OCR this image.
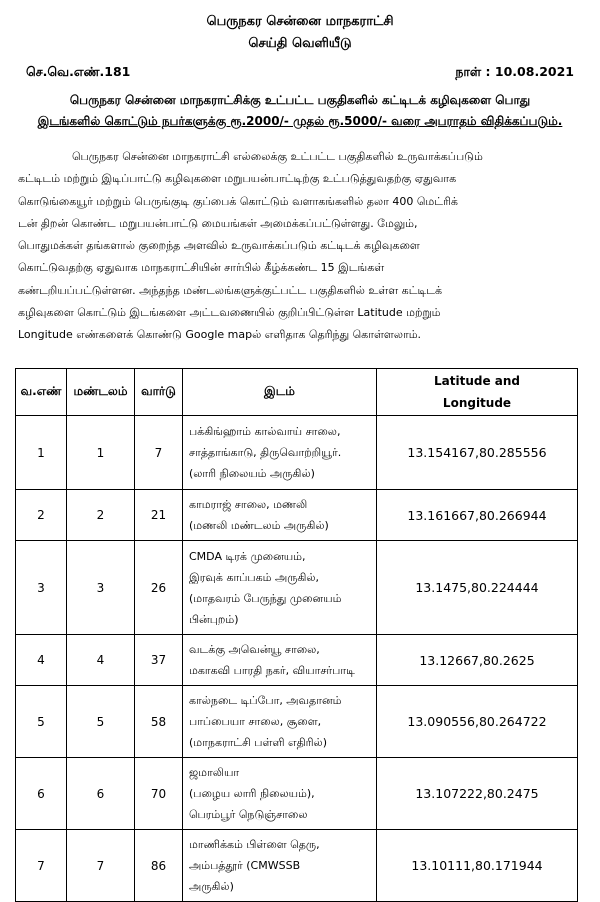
பெருநகர சென்னை மாநகராட்சி
செய்தி வெளியீடு
செ.வெ.எண்.181	நாள் : 10.08.2021
பெருநகர சென்னை மாநகராட்சிக்கு உட்பட்ட பகுதிகளில் கட்டிடக் கழிவுகளை பொது
இடங்களில் கொட்டும் நபர்களுக்கு ரூ.2000/- முதல் ரூ.5000/- வரை அபராதம் விதிக்கப்படும்.
பெருநகர சென்னை மாநகராட்சி எல்லைக்கு உட்பட்ட பகுதிகளில் உருவாக்கப்படும்
கட்டிடம் மற்றும் இடிப்பாட்டு கழிவுகளை மறுபயன்பாட்டிற்கு உட்படுத்துவதற்கு ஏதுவாக
கொடுங்கையூர் மற்றும் பெருங்குடி குப்பைக் கொட்டும் வளாகங்களில் தலா 400 மெட்ரிக்
டன் திறன் கொண்ட மறுபயன்பாட்டு மையங்கள் அமைக்கப்பட்டுள்ளது. மேலும்,
பொதுமக்கள் தங்களால் குறைந்த அளவில் உருவாக்கப்படும் கட்டிடக் கழிவுகளை
கொட்டுவதற்கு ஏதுவாக மாநகராட்சியின் சார்பில் கீழ்க்கண்ட 15 இடங்கள்
கண்டறியப்பட்டுள்ளன. அந்தந்த மண்டலங்களுக்குட்பட்ட பகுதிகளில் உள்ள கட்டிடக்
கழிவுகளை கொட்டும் இடங்களை அட்டவணையில் குறிப்பிட்டுள்ள Latitude மற்றும்
Longitude எண்களைக் கொண்டு Google mapல் எளிதாக தெரிந்து கொள்ளலாம்.
வ.எண்	மண்டலம்	வார்டு	இடம்	Latitude and
Longitude

1	1	7	பக்கிங்ஹாம் கால்வாய் சாலை,
சாத்தாங்காடு, திருவொற்றியூர்.
(லாரி நிலையம் அருகில்)	13.154167,80.285556
2	2	21	காமராஜ் சாலை, மணலி
(மணலி மண்டலம் அருகில்)	13.161667,80.266944
3	3	26	CMDA டிரக் முனையம்,
இரவுக் காப்பகம் அருகில்,
(மாதவரம் பேருந்து முனையம்
பின்புறம்)	13.1475,80.224444
4	4	37	வடக்கு அவென்யூ சாலை,
மகாகவி பாரதி நகர், வியாசர்பாடி	13.12667,80.2625
5	5	58	கால்நடை டிப்போ, அவதானம்
பாப்பையா சாலை, சூளை,
(மாநகராட்சி பள்ளி எதிரில்)	13.090556,80.264722
6	6	70	ஜமாலியா
(பழைய லாரி நிலையம்),
பெரம்பூர் நெடுஞ்சாலை	13.107222,80.2475
7	7	86	மாணிக்கம் பிள்ளை தெரு,
அம்பத்தூர் (CMWSSB
அருகில்)	13.10111,80.171944
